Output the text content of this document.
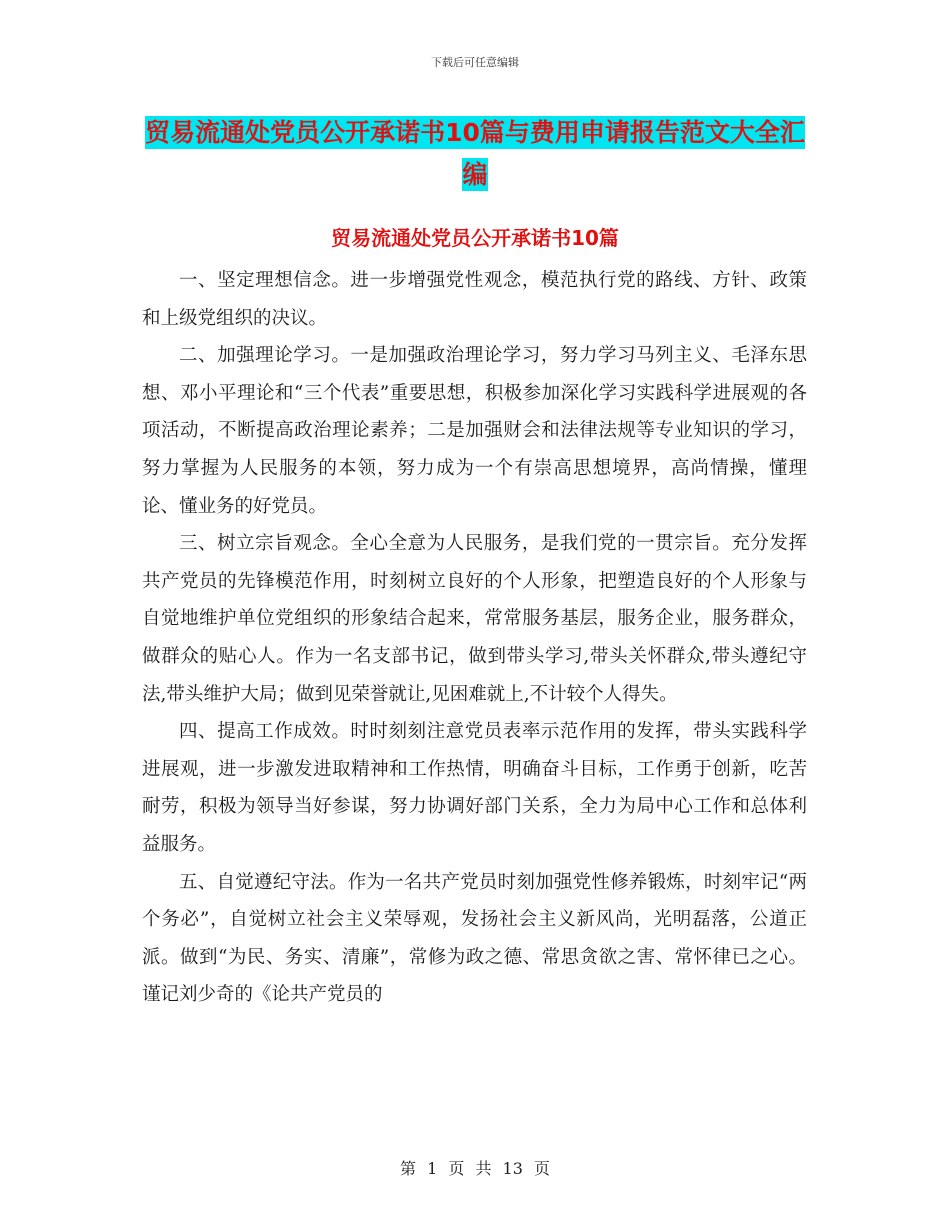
下载后可任意编辑
贸易流通处党员公开承诺书10篇与费用申请报告范文大全汇编
贸易流通处党员公开承诺书10篇

一、坚定理想信念。进一步增强党性观念，模范执行党的路线、方针、政策和上级党组织的决议。

二、加强理论学习。一是加强政治理论学习，努力学习马列主义、毛泽东思想、邓小平理论和“三个代表”重要思想，积极参加深化学习实践科学进展观的各项活动，不断提高政治理论素养；二是加强财会和法律法规等专业知识的学习，努力掌握为人民服务的本领，努力成为一个有崇高思想境界，高尚情操，懂理论、懂业务的好党员。

三、树立宗旨观念。全心全意为人民服务，是我们党的一贯宗旨。充分发挥共产党员的先锋模范作用，时刻树立良好的个人形象，把塑造良好的个人形象与自觉地维护单位党组织的形象结合起来，常常服务基层，服务企业，服务群众，做群众的贴心人。作为一名支部书记，做到带头学习,带头关怀群众,带头遵纪守法,带头维护大局；做到见荣誉就让,见困难就上,不计较个人得失。

四、提高工作成效。时时刻刻注意党员表率示范作用的发挥，带头实践科学进展观，进一步激发进取精神和工作热情，明确奋斗目标，工作勇于创新，吃苦耐劳，积极为领导当好参谋，努力协调好部门关系，全力为局中心工作和总体利益服务。

五、自觉遵纪守法。作为一名共产党员时刻加强党性修养锻炼，时刻牢记“两个务必”，自觉树立社会主义荣辱观，发扬社会主义新风尚，光明磊落，公道正派。做到“为民、务实、清廉”，常修为政之德、常思贪欲之害、常怀律已之心。谨记刘少奇的《论共产党员的

第 1 页 共 13 页
